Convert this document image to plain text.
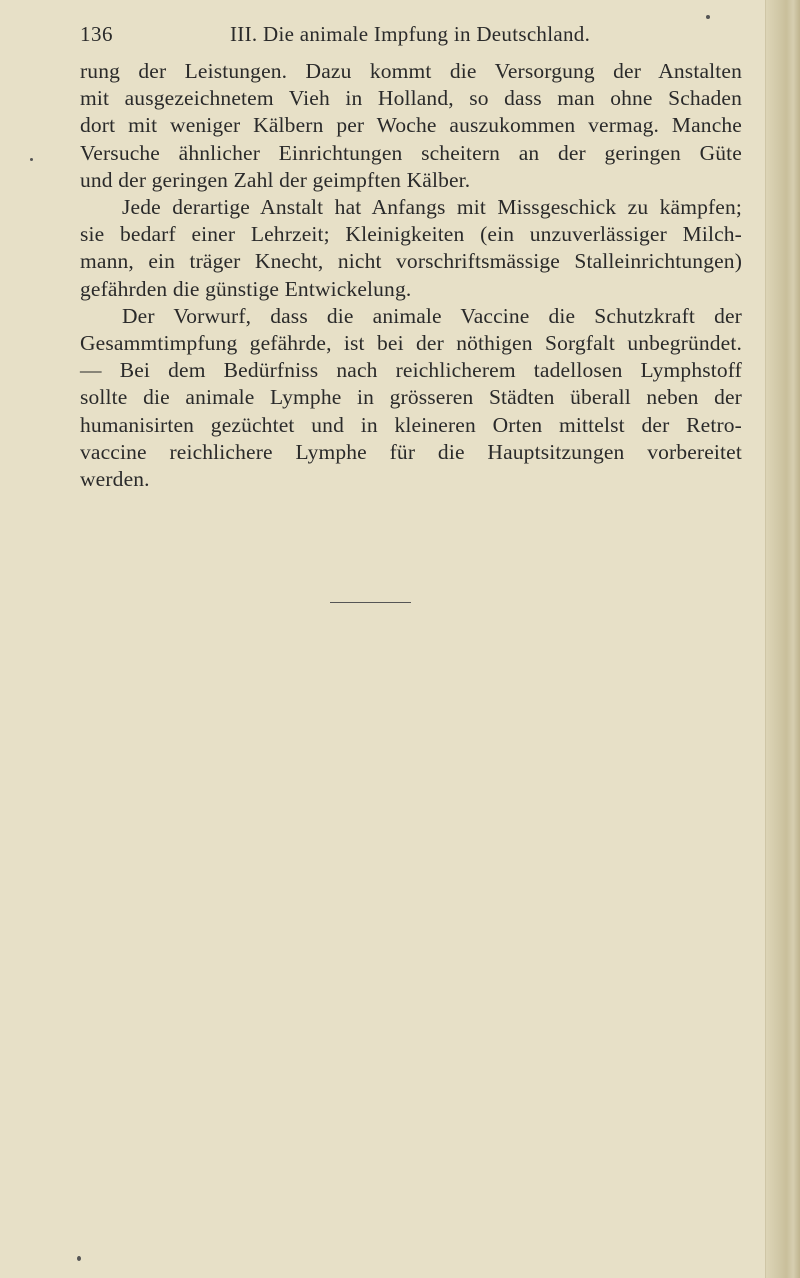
136	III. Die animale Impfung in Deutschland.

rung der Leistungen. Dazu kommt die Versorgung der Anstalten
mit ausgezeichnetem Vieh in Holland, so dass man ohne Schaden
dort mit weniger Kälbern per Woche auszukommen vermag. Manche
Versuche ähnlicher Einrichtungen scheitern an der geringen Güte
und der geringen Zahl der geimpften Kälber.

Jede derartige Anstalt hat Anfangs mit Missgeschick zu kämpfen;
sie bedarf einer Lehrzeit; Kleinigkeiten (ein unzuverlässiger Milch-
mann, ein träger Knecht, nicht vorschriftsmässige Stalleinrichtungen)
gefährden die günstige Entwickelung.

Der Vorwurf, dass die animale Vaccine die Schutzkraft der
Gesammtimpfung gefährde, ist bei der nöthigen Sorgfalt unbegründet.
— Bei dem Bedürfniss nach reichlicherem tadellosen Lymphstoff
sollte die animale Lymphe in grösseren Städten überall neben der
humanisirten gezüchtet und in kleineren Orten mittelst der Retro-
vaccine reichlichere Lymphe für die Hauptsitzungen vorbereitet
werden.
